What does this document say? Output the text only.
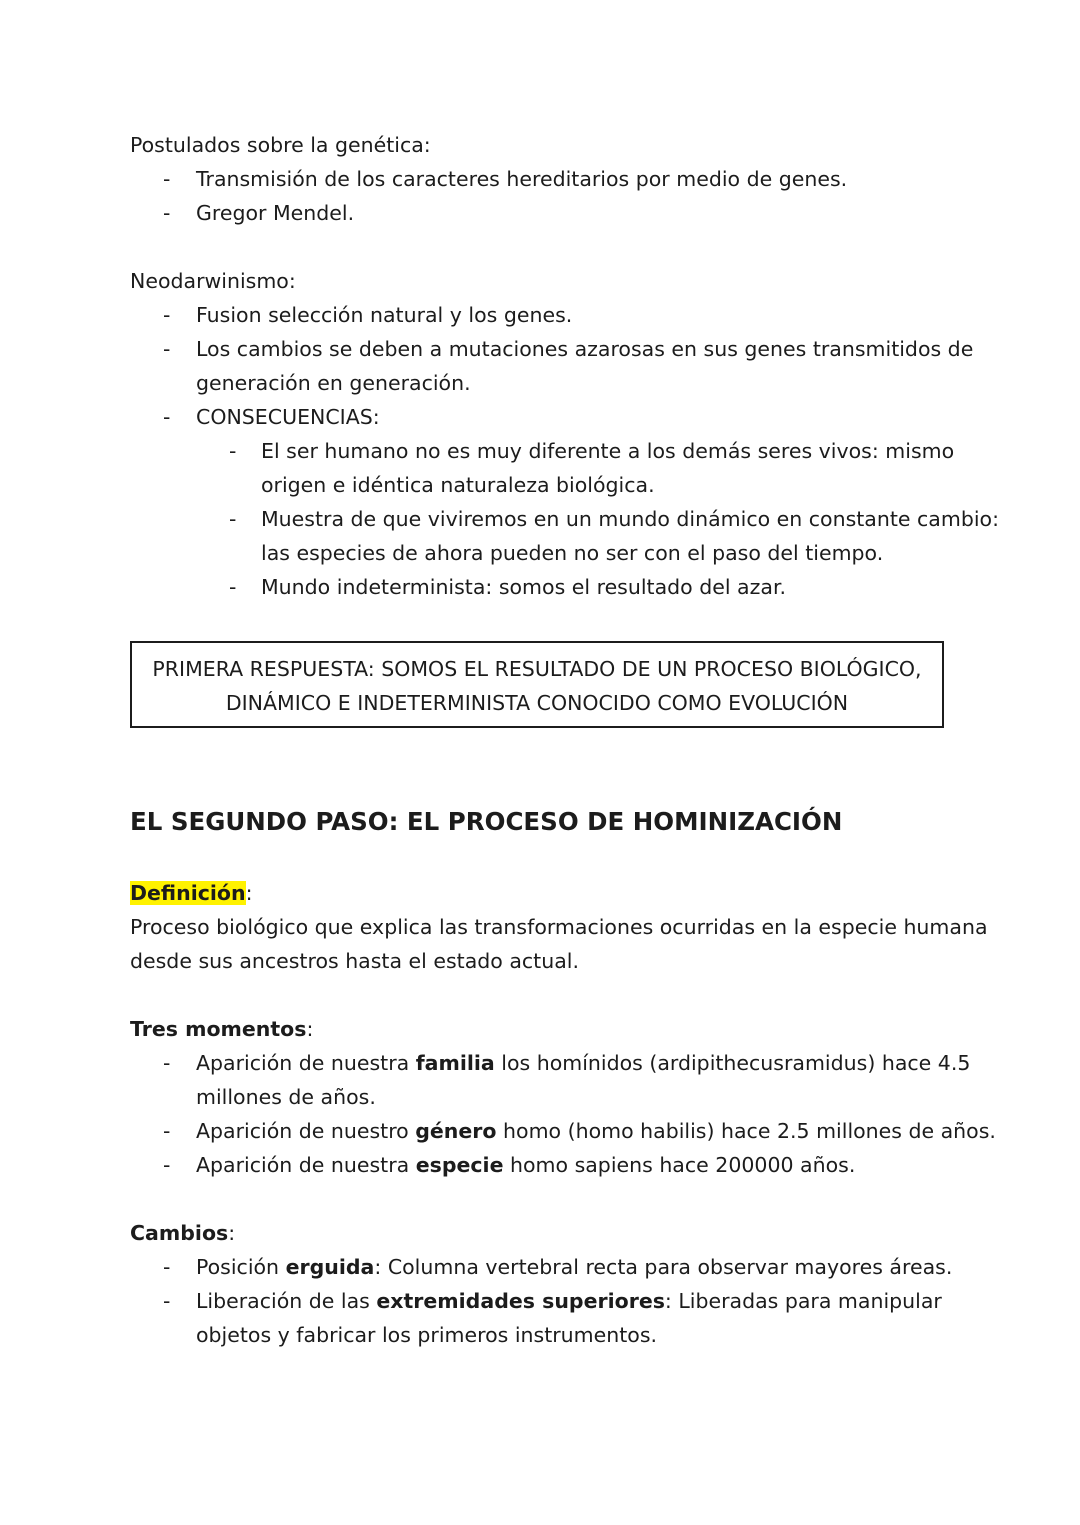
Postulados sobre la genética:
- Transmisión de los caracteres hereditarios por medio de genes.
- Gregor Mendel.
Neodarwinismo:
- Fusion selección natural y los genes.
- Los cambios se deben a mutaciones azarosas en sus genes transmitidos de
generación en generación.
- CONSECUENCIAS:
- El ser humano no es muy diferente a los demás seres vivos: mismo
origen e idéntica naturaleza biológica.
- Muestra de que viviremos en un mundo dinámico en constante cambio:
las especies de ahora pueden no ser con el paso del tiempo.
- Mundo indeterminista: somos el resultado del azar.
PRIMERA RESPUESTA: SOMOS EL RESULTADO DE UN PROCESO BIOLÓGICO,
DINÁMICO E INDETERMINISTA CONOCIDO COMO EVOLUCIÓN
EL SEGUNDO PASO: EL PROCESO DE HOMINIZACIÓN
Definición:
Proceso biológico que explica las transformaciones ocurridas en la especie humana
desde sus ancestros hasta el estado actual.
Tres momentos:
- Aparición de nuestra familia los homínidos (ardipithecusramidus) hace 4.5
millones de años.
- Aparición de nuestro género homo (homo habilis) hace 2.5 millones de años.
- Aparición de nuestra especie homo sapiens hace 200000 años.
Cambios:
- Posición erguida: Columna vertebral recta para observar mayores áreas.
- Liberación de las extremidades superiores: Liberadas para manipular
objetos y fabricar los primeros instrumentos.
